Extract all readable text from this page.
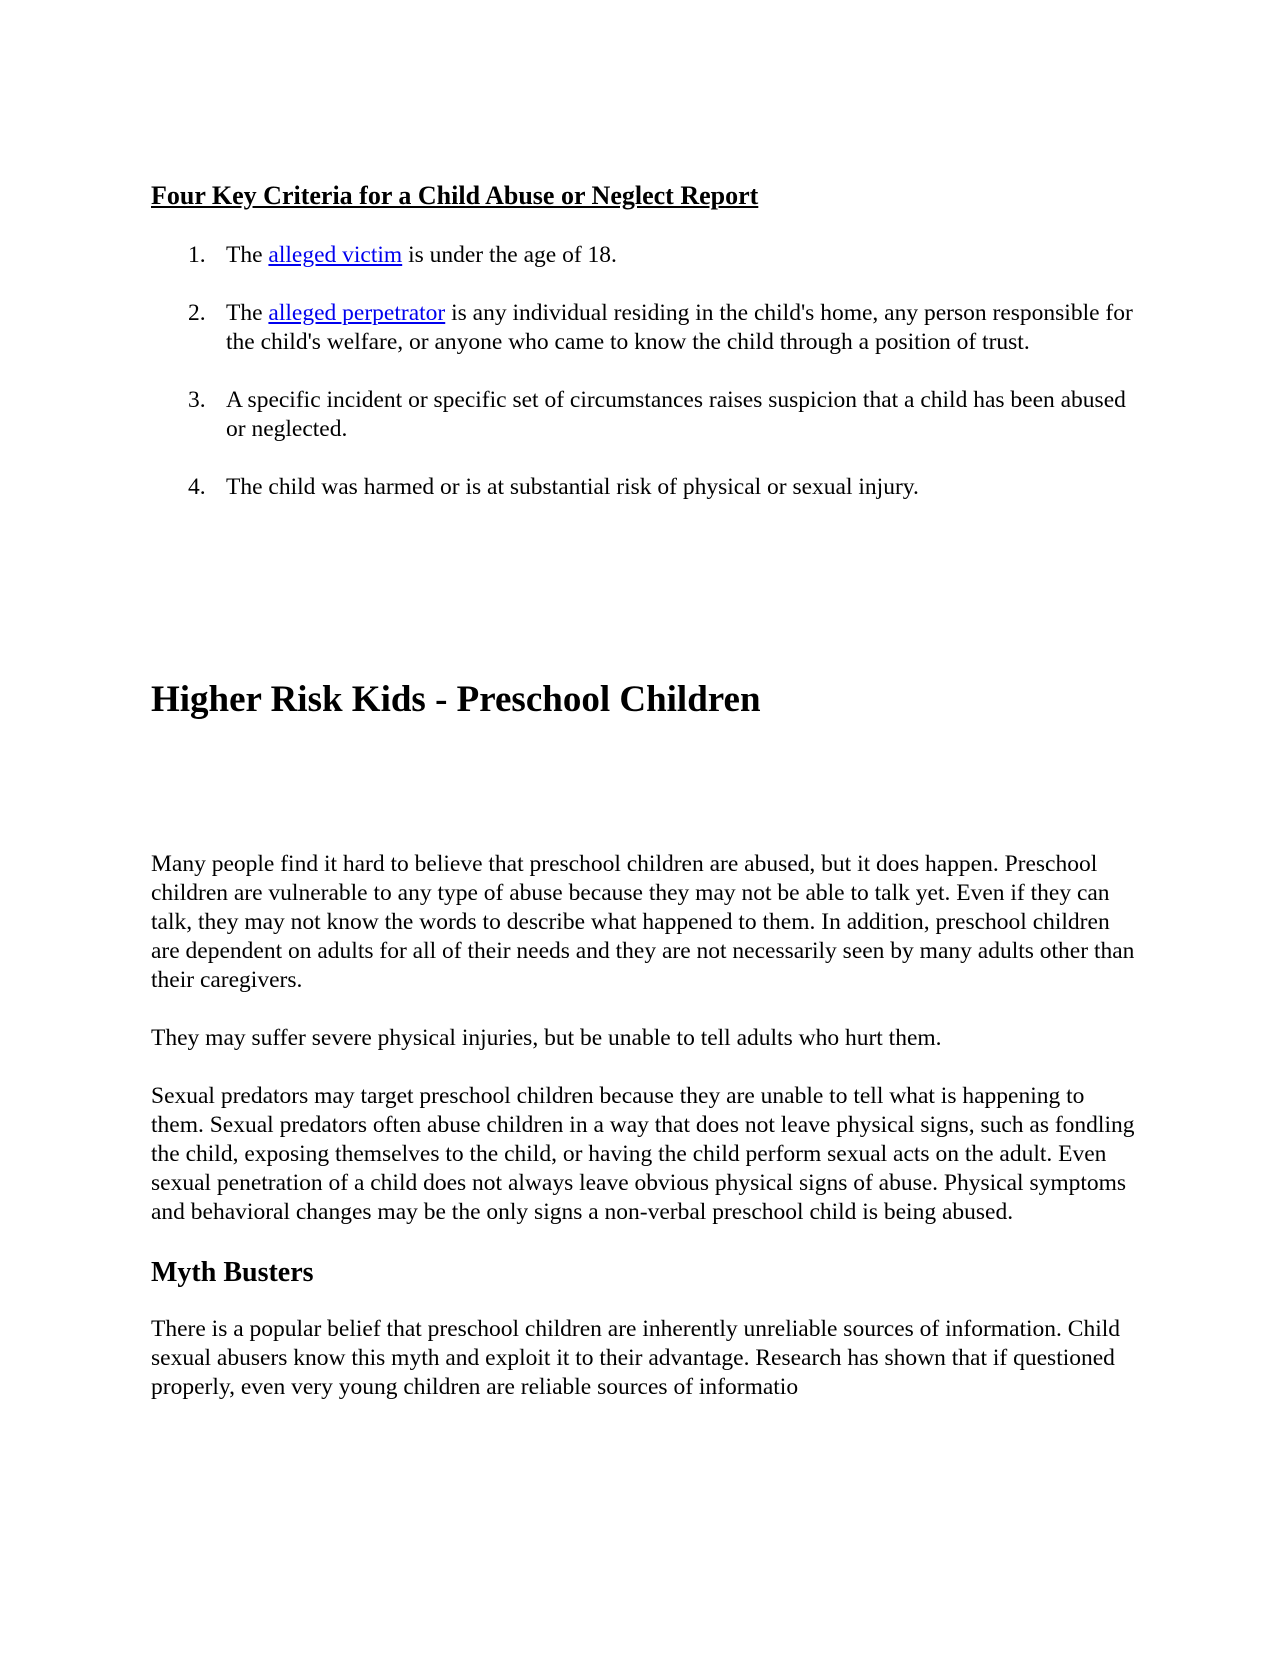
Four Key Criteria for a Child Abuse or Neglect Report
1. The alleged victim is under the age of 18.
2. The alleged perpetrator is any individual residing in the child's home, any person responsible for the child's welfare, or anyone who came to know the child through a position of trust.
3. A specific incident or specific set of circumstances raises suspicion that a child has been abused or neglected.
4. The child was harmed or is at substantial risk of physical or sexual injury.
Higher Risk Kids - Preschool Children

Many people find it hard to believe that preschool children are abused, but it does happen. Preschool children are vulnerable to any type of abuse because they may not be able to talk yet. Even if they can talk, they may not know the words to describe what happened to them. In addition, preschool children are dependent on adults for all of their needs and they are not necessarily seen by many adults other than their caregivers.

They may suffer severe physical injuries, but be unable to tell adults who hurt them.

Sexual predators may target preschool children because they are unable to tell what is happening to them. Sexual predators often abuse children in a way that does not leave physical signs, such as fondling the child, exposing themselves to the child, or having the child perform sexual acts on the adult. Even sexual penetration of a child does not always leave obvious physical signs of abuse. Physical symptoms and behavioral changes may be the only signs a non-verbal preschool child is being abused.

Myth Busters

There is a popular belief that preschool children are inherently unreliable sources of information. Child sexual abusers know this myth and exploit it to their advantage. Research has shown that if questioned properly, even very young children are reliable sources of informatio
